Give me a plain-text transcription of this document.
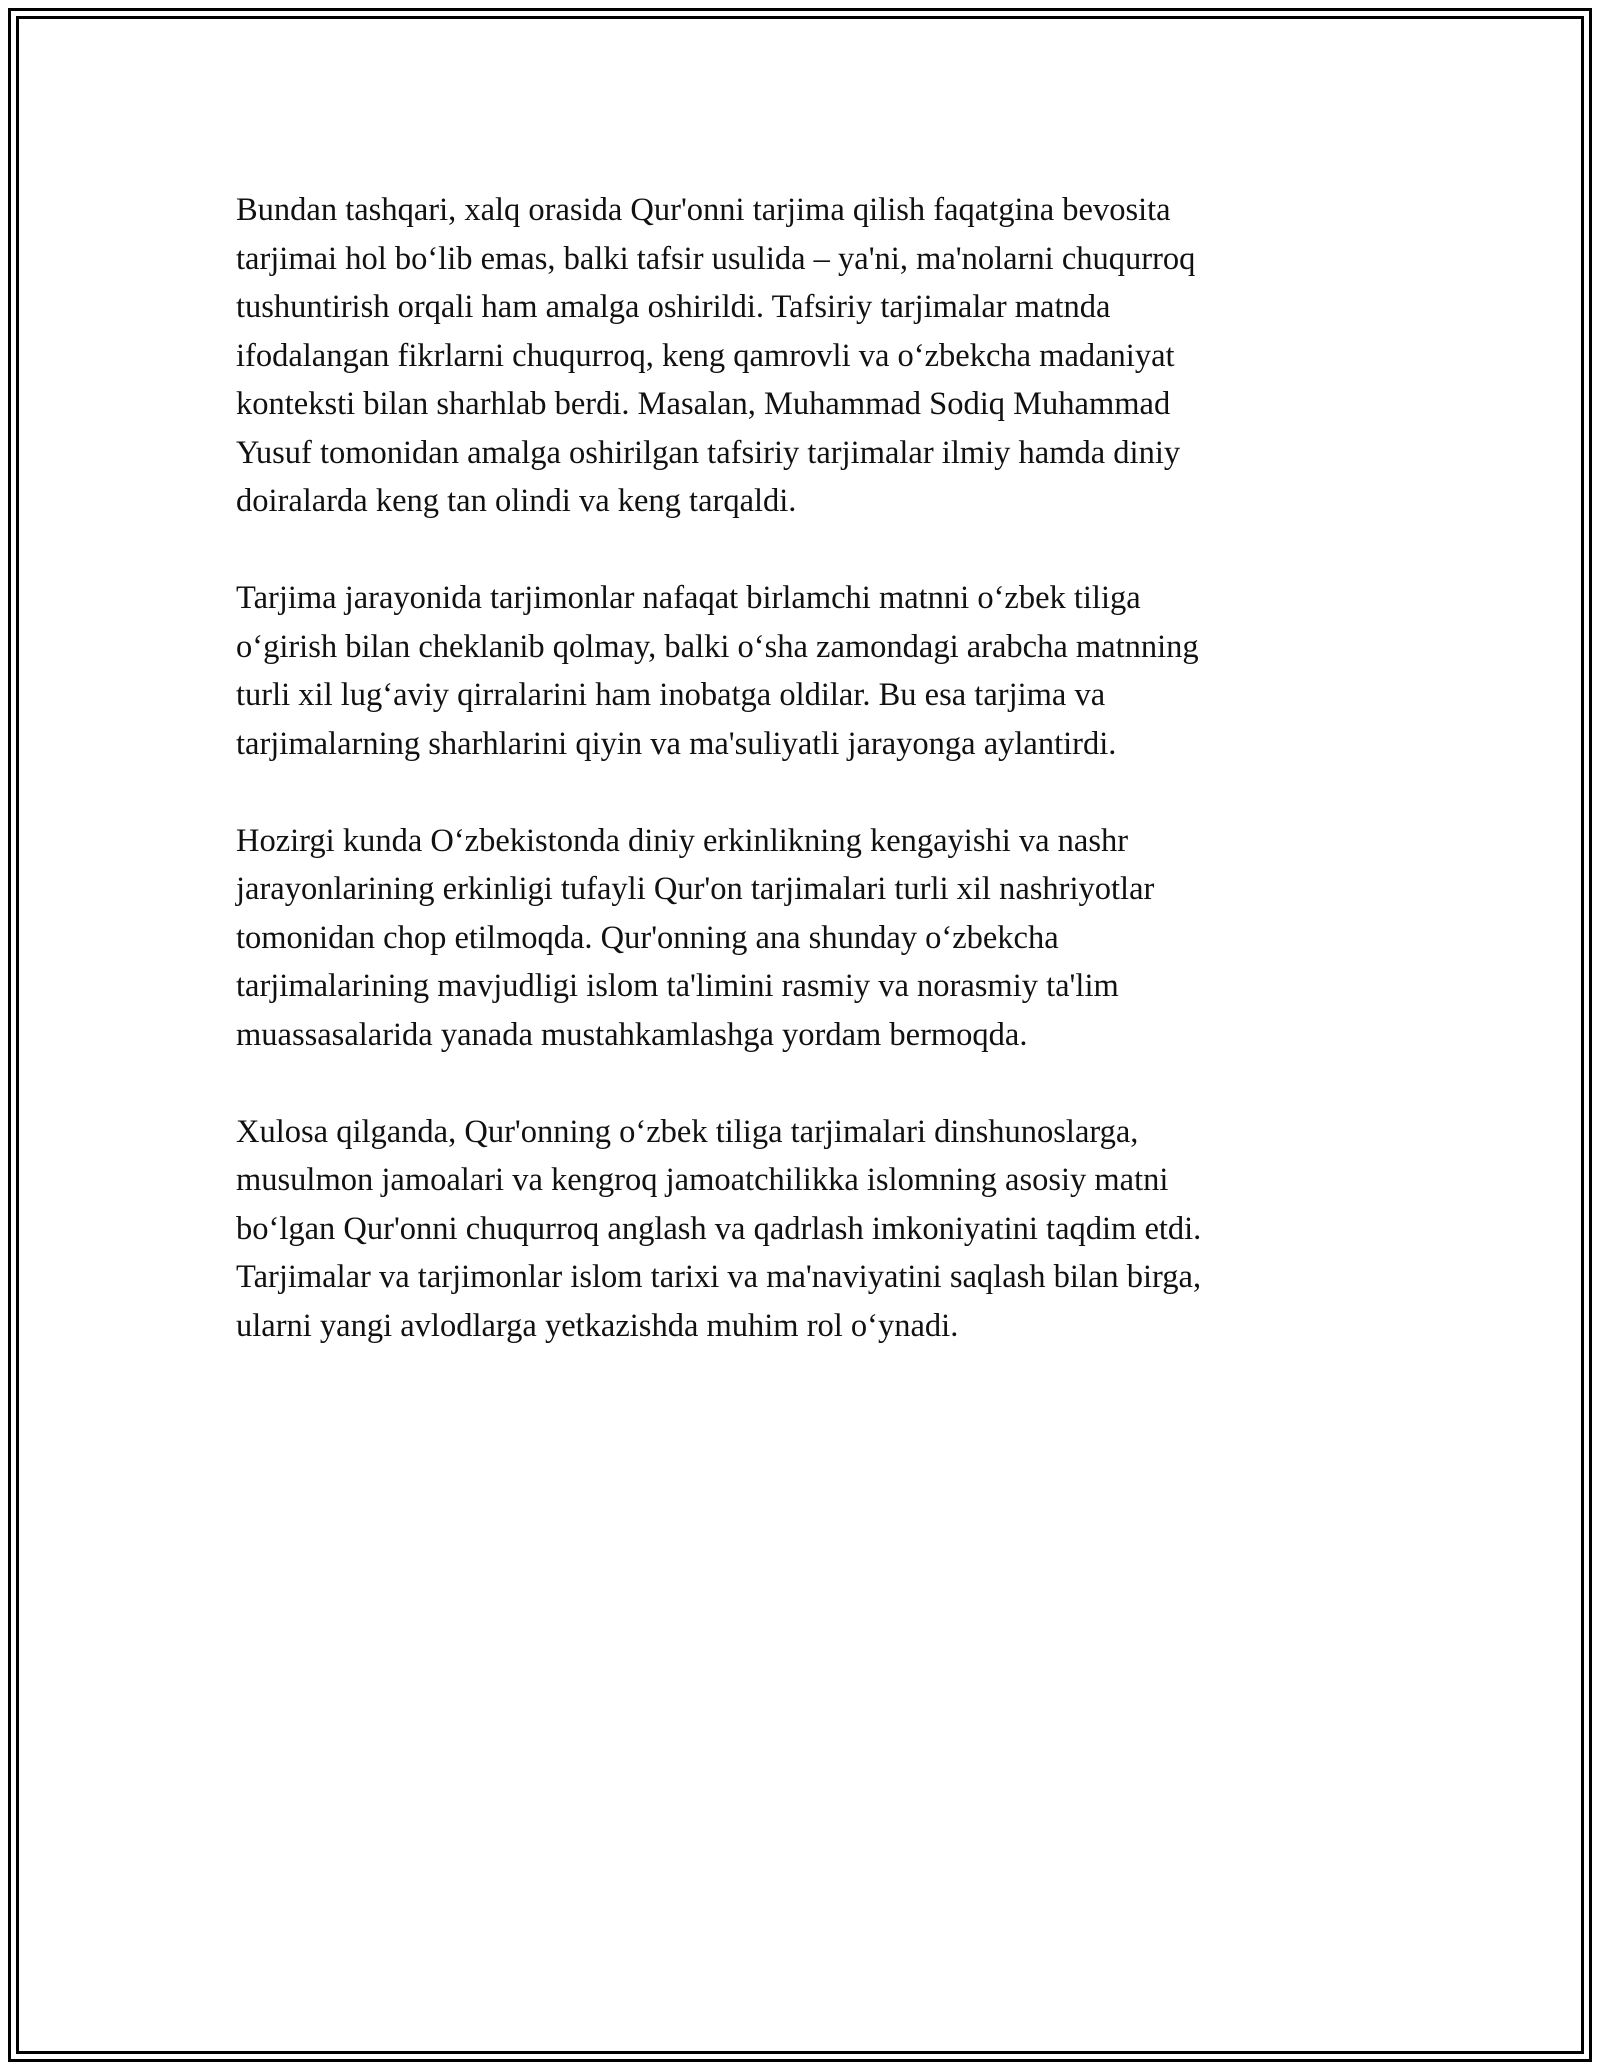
Bundan tashqari, xalq orasida Qur'onni tarjima qilish faqatgina bevosita
tarjimai hol bo‘lib emas, balki tafsir usulida – ya'ni, ma'nolarni chuqurroq
tushuntirish orqali ham amalga oshirildi. Tafsiriy tarjimalar matnda
ifodalangan fikrlarni chuqurroq, keng qamrovli va o‘zbekcha madaniyat
konteksti bilan sharhlab berdi. Masalan, Muhammad Sodiq Muhammad
Yusuf tomonidan amalga oshirilgan tafsiriy tarjimalar ilmiy hamda diniy
doiralarda keng tan olindi va keng tarqaldi.

Tarjima jarayonida tarjimonlar nafaqat birlamchi matnni o‘zbek tiliga
o‘girish bilan cheklanib qolmay, balki o‘sha zamondagi arabcha matnning
turli xil lug‘aviy qirralarini ham inobatga oldilar. Bu esa tarjima va
tarjimalarning sharhlarini qiyin va ma'suliyatli jarayonga aylantirdi.

Hozirgi kunda O‘zbekistonda diniy erkinlikning kengayishi va nashr
jarayonlarining erkinligi tufayli Qur'on tarjimalari turli xil nashriyotlar
tomonidan chop etilmoqda. Qur'onning ana shunday o‘zbekcha
tarjimalarining mavjudligi islom ta'limini rasmiy va norasmiy ta'lim
muassasalarida yanada mustahkamlashga yordam bermoqda.

Xulosa qilganda, Qur'onning o‘zbek tiliga tarjimalari dinshunoslarga,
musulmon jamoalari va kengroq jamoatchilikka islomning asosiy matni
bo‘lgan Qur'onni chuqurroq anglash va qadrlash imkoniyatini taqdim etdi.
Tarjimalar va tarjimonlar islom tarixi va ma'naviyatini saqlash bilan birga,
ularni yangi avlodlarga yetkazishda muhim rol o‘ynadi.
